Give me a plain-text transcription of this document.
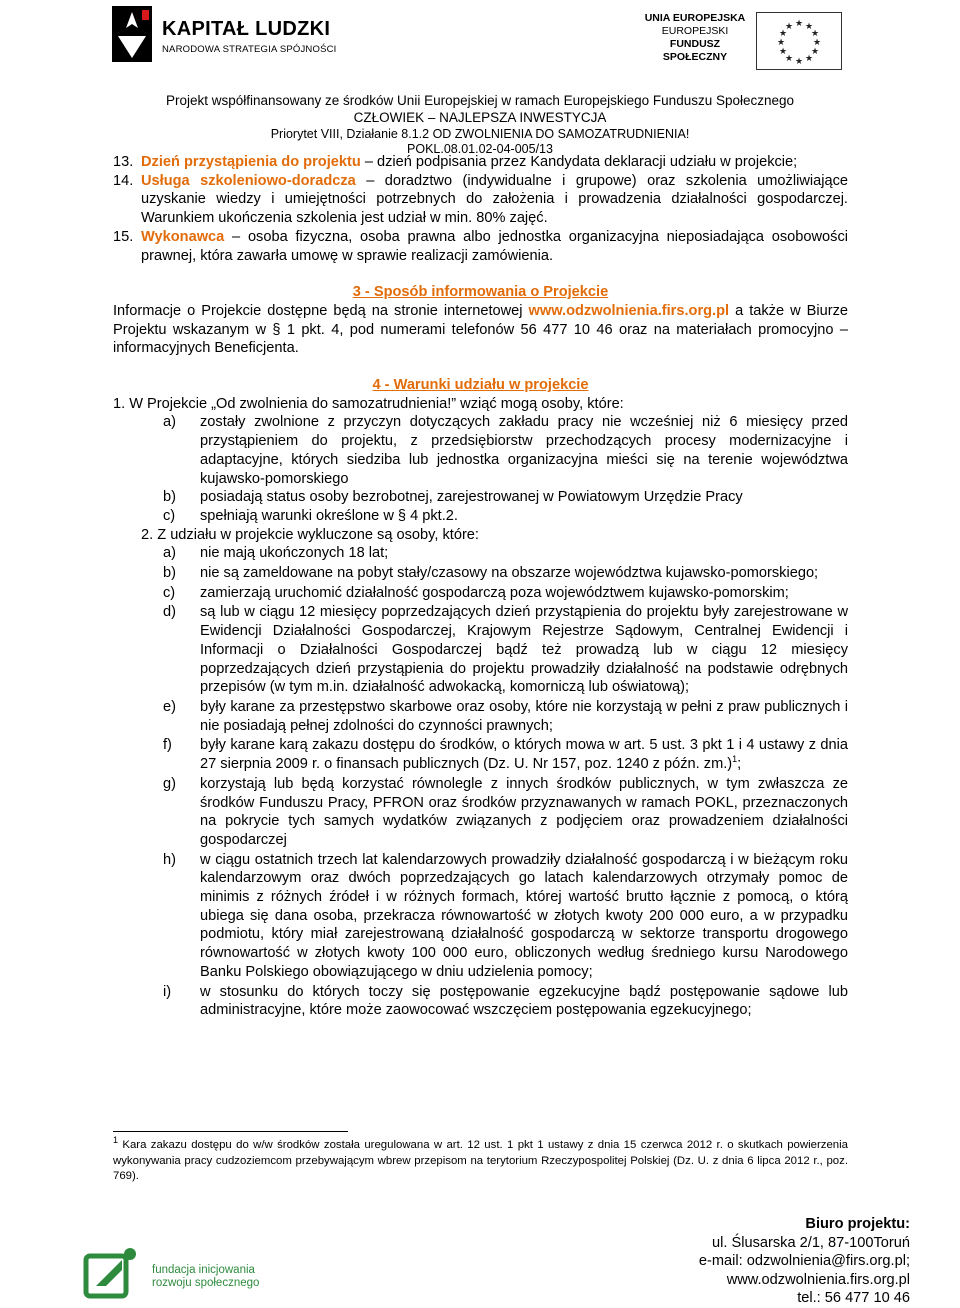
KAPITAŁ LUDZKI
NARODOWA STRATEGIA SPÓJNOŚCI
UNIA EUROPEJSKA
EUROPEJSKI
FUNDUSZ SPOŁECZNY
★ ★
★
★
★
★
★
★
★
★
★
★
Projekt współfinansowany ze środków Unii Europejskiej w ramach Europejskiego Funduszu Społecznego
CZŁOWIEK – NAJLEPSZA INWESTYCJA
Priorytet VIII, Działanie 8.1.2 OD ZWOLNIENIA DO SAMOZATRUDNIENIA!
POKL.08.01.02-04-005/13
13. Dzień przystąpienia do projektu – dzień podpisania przez Kandydata deklaracji udziału w projekcie;

14. Usługa szkoleniowo-doradcza – doradztwo (indywidualne i grupowe) oraz szkolenia umożliwiające uzyskanie wiedzy i umiejętności potrzebnych do założenia i prowadzenia działalności gospodarczej. Warunkiem ukończenia szkolenia jest udział w min. 80% zajęć.

15. Wykonawca – osoba fizyczna, osoba prawna albo jednostka organizacyjna nieposiadająca osobowości prawnej, która zawarła umowę w sprawie realizacji zamówienia.

3 - Sposób informowania o Projekcie

Informacje o Projekcie dostępne będą na stronie internetowej www.odzwolnienia.firs.org.pl a także w Biurze Projektu wskazanym w § 1 pkt. 4, pod numerami telefonów 56 477 10 46 oraz na materiałach promocyjno – informacyjnych Beneficjenta.

4 - Warunki udziału w projekcie

1. W Projekcie „Od zwolnienia do samozatrudnienia!” wziąć mogą osoby, które:

a)	zostały zwolnione z przyczyn dotyczących zakładu pracy nie wcześniej niż 6 miesięcy przed przystąpieniem do projektu, z przedsiębiorstw przechodzących procesy modernizacyjne i adaptacyjne, których siedziba lub jednostka organizacyjna mieści się na terenie województwa kujawsko-pomorskiego
b)	posiadają status osoby bezrobotnej, zarejestrowanej w Powiatowym Urzędzie Pracy
c)	spełniają warunki określone w § 4 pkt.2.

2. Z udziału w projekcie wykluczone są osoby, które:

a)	nie mają ukończonych 18 lat;
b)	nie są zameldowane na pobyt stały/czasowy na obszarze województwa kujawsko-pomorskiego;
c)	zamierzają uruchomić działalność gospodarczą poza województwem kujawsko-pomorskim;
d)	są lub w ciągu 12 miesięcy poprzedzających dzień przystąpienia do projektu były zarejestrowane w Ewidencji Działalności Gospodarczej, Krajowym Rejestrze Sądowym, Centralnej Ewidencji i Informacji o Działalności Gospodarczej bądź też prowadzą lub w ciągu 12 miesięcy poprzedzających dzień przystąpienia do projektu prowadziły działalność na podstawie odrębnych przepisów (w tym m.in. działalność adwokacką, komorniczą lub oświatową);
e)	były karane za przestępstwo skarbowe oraz osoby, które nie korzystają w pełni z praw publicznych i nie posiadają pełnej zdolności do czynności prawnych;
f)	były karane karą zakazu dostępu do środków, o których mowa w art. 5 ust. 3 pkt 1 i 4 ustawy z dnia 27 sierpnia 2009 r. o finansach publicznych (Dz. U. Nr 157, poz. 1240 z późn. zm.)$^1$;
g)	korzystają lub będą korzystać równolegle z innych środków publicznych, w tym zwłaszcza ze środków Funduszu Pracy, PFRON oraz środków przyznawanych w ramach POKL, przeznaczonych na pokrycie tych samych wydatków związanych z podjęciem oraz prowadzeniem działalności gospodarczej
h)	w ciągu ostatnich trzech lat kalendarzowych prowadziły działalność gospodarczą i w bieżącym roku kalendarzowym oraz dwóch poprzedzających go latach kalendarzowych otrzymały pomoc de minimis z różnych źródeł i w różnych formach, której wartość brutto łącznie z pomocą, o którą ubiega się dana osoba, przekracza równowartość w złotych kwoty 200 000 euro, a w przypadku podmiotu, który miał zarejestrowaną działalność gospodarczą w sektorze transportu drogowego równowartość w złotych kwoty 100 000 euro, obliczonych według średniego kursu Narodowego Banku Polskiego obowiązującego w dniu udzielenia pomocy;
i)	w stosunku do których toczy się postępowanie egzekucyjne bądź postępowanie sądowe lub administracyjne, które może zaowocować wszczęciem postępowania egzekucyjnego;
$^1$ Kara zakazu dostępu do w/w środków została uregulowana w art. 12 ust. 1 pkt 1 ustawy z dnia 15 czerwca 2012 r. o skutkach powierzenia wykonywania pracy cudzoziemcom przebywającym wbrew przepisom na terytorium Rzeczypospolitej Polskiej (Dz. U. z dnia 6 lipca 2012 r., poz. 769).
fundacja inicjowania
rozwoju społecznego
Biuro projektu:
ul. Ślusarska 2/1, 87-100Toruń
e-mail: odzwolnienia@firs.org.pl;
www.odzwolnienia.firs.org.pl
tel.: 56 477 10 46
